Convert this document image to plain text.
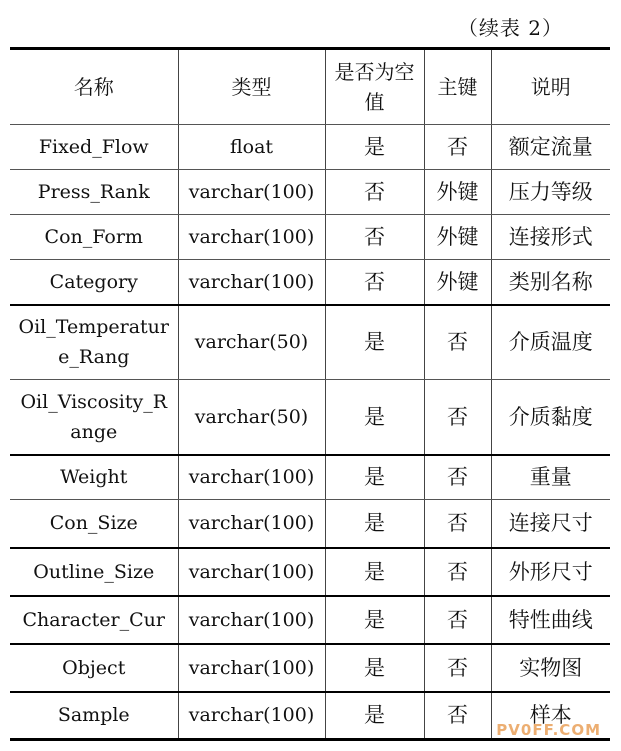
（续表 2）
名称	类型	是否为空值	主键	说明
Fixed_Flow	float	是	否	额定流量
Press_Rank	varchar(100)	否	外键	压力等级
Con_Form	varchar(100)	否	外键	连接形式
Category	varchar(100)	否	外键	类别名称
Oil_Temperature_Rang	varchar(50)	是	否	介质温度
Oil_Viscosity_Range	varchar(50)	是	否	介质黏度
Weight	varchar(100)	是	否	重量
Con_Size	varchar(100)	是	否	连接尺寸
Outline_Size	varchar(100)	是	否	外形尺寸
Character_Cur	varchar(100)	是	否	特性曲线
Object	varchar(100)	是	否	实物图
Sample	varchar(100)	是	否	样本
PV0FF.COM
